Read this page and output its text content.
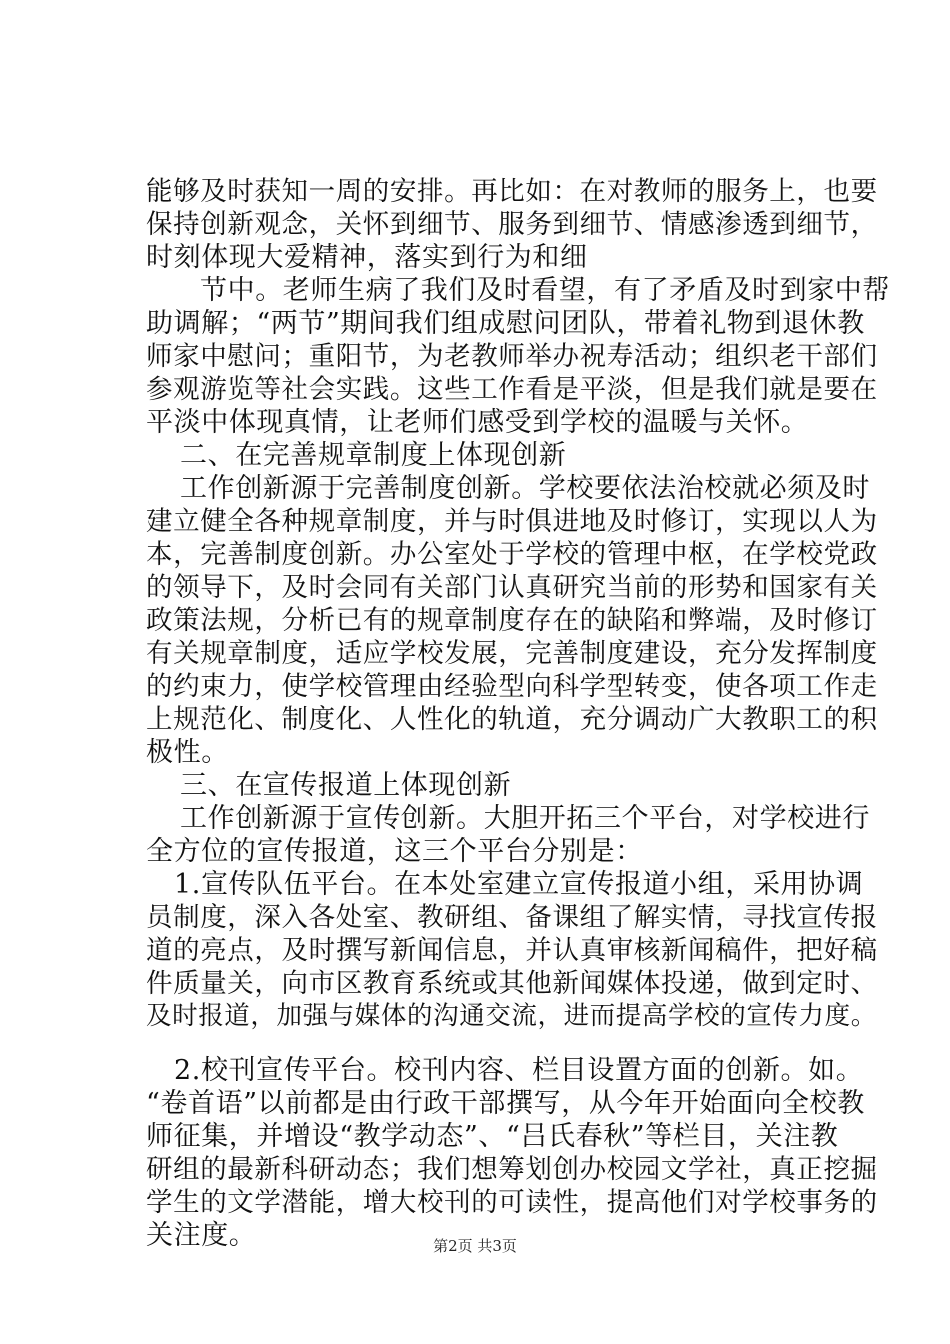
能够及时获知一周的安排。再比如：在对教师的服务上，也要
保持创新观念，关怀到细节、服务到细节、情感渗透到细节，
时刻体现大爱精神，落实到行为和细
节中。老师生病了我们及时看望，有了矛盾及时到家中帮
助调解；“两节”期间我们组成慰问团队，带着礼物到退休教
师家中慰问；重阳节，为老教师举办祝寿活动；组织老干部们
参观游览等社会实践。这些工作看是平淡，但是我们就是要在
平淡中体现真情，让老师们感受到学校的温暖与关怀。
二、在完善规章制度上体现创新
工作创新源于完善制度创新。学校要依法治校就必须及时
建立健全各种规章制度，并与时俱进地及时修订，实现以人为
本，完善制度创新。办公室处于学校的管理中枢，在学校党政
的领导下，及时会同有关部门认真研究当前的形势和国家有关
政策法规，分析已有的规章制度存在的缺陷和弊端，及时修订
有关规章制度，适应学校发展，完善制度建设，充分发挥制度
的约束力，使学校管理由经验型向科学型转变，使各项工作走
上规范化、制度化、人性化的轨道，充分调动广大教职工的积
极性。
三、在宣传报道上体现创新
工作创新源于宣传创新。大胆开拓三个平台，对学校进行
全方位的宣传报道，这三个平台分别是：
1.宣传队伍平台。在本处室建立宣传报道小组，采用协调
员制度，深入各处室、教研组、备课组了解实情，寻找宣传报
道的亮点，及时撰写新闻信息，并认真审核新闻稿件，把好稿
件质量关，向市区教育系统或其他新闻媒体投递，做到定时、
及时报道，加强与媒体的沟通交流，进而提高学校的宣传力度。
2.校刊宣传平台。校刊内容、栏目设置方面的创新。如。
“卷首语”以前都是由行政干部撰写，从今年开始面向全校教
师征集，并增设“教学动态”、“吕氏春秋”等栏目，关注教
研组的最新科研动态；我们想筹划创办校园文学社，真正挖掘
学生的文学潜能，增大校刊的可读性，提高他们对学校事务的
关注度。	第2页 共3页
